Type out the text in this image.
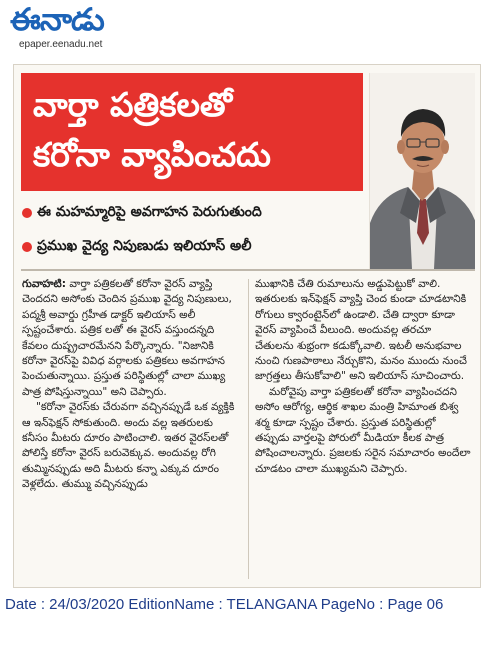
ఈనాడు
epaper.eenadu.net
వార్తా పత్రికలతో
కరోనా వ్యాపించదు
ఈ మహమ్మారిపై అవగాహన పెరుగుతుంది
ప్రముఖ వైద్య నిపుణుడు ఇలియాస్ అలీ

గువాహటి: వార్తా పత్రికలతో కరోనా వైరస్ వ్యాప్తి చెందదని అసోంకు చెందిన ప్రముఖ వైద్య నిపుణులు, పద్మశ్రీ అవార్డు గ్రహీత డాక్టర్ ఇలియాస్ అలీ స్పష్టంచేశారు. పత్రిక లతో ఈ వైరస్ వస్తుందన్నది కేవలం దుష్ప్రచారమేనని పేర్కొన్నారు. "నిజానికి కరోనా వైరస్‌పై వివిధ వర్గాలకు పత్రికలు అవగాహన పెంచుతున్నాయి. ప్రస్తుత పరిస్థితుల్లో చాలా ముఖ్య పాత్ర పోషిస్తున్నాయి" అని చెప్పారు.

"కరోనా వైరస్‌కు చేరువగా వచ్చినప్పుడే ఒక వ్యక్తికి ఆ ఇన్‌ఫెక్షన్ సోకుతుంది. అందు వల్ల ఇతరులకు కనీసం మీటరు దూరం పాటించాలి. ఇతర వైరస్‌లతో పోలిస్తే కరోనా వైరస్ బరువెక్కువ. అందువల్ల రోగి తుమ్మినప్పుడు అది మీటరు కన్నా ఎక్కువ దూరం వెళ్లలేదు. తుమ్ము వచ్చినప్పుడు

ముఖానికి చేతి రుమాలును అడ్డుపెట్టుకో వాలి. ఇతరులకు ఇన్‌ఫెక్షన్ వ్యాప్తి చెంద కుండా చూడటానికి రోగులు క్వారంటైన్‌లో ఉండాలి. చేతి ద్వారా కూడా వైరస్ వ్యాపించే వీలుంది. అందువల్ల తరచూ చేతులను శుభ్రంగా కడుక్కోవాలి. ఇటలీ అనుభవాల నుంచి గుణపాఠాలు నేర్చుకొని, మనం ముందు నుంచే జాగ్రత్తలు తీసుకోవాలి" అని ఇలియాస్ సూచించారు.

మరోవైపు వార్తా పత్రికలతో కరోనా వ్యాపించదని అసోం ఆరోగ్య, ఆర్థిక శాఖల మంత్రి హిమాంత బిశ్వ శర్మ కూడా స్పష్టం చేశారు. ప్రస్తుత పరిస్థితుల్లో తప్పుడు వార్తలపై పోరులో మీడియా కీలక పాత్ర పోషించాలన్నారు. ప్రజలకు సరైన సమాచారం అందేలా చూడటం చాలా ముఖ్యమని చెప్పారు.

Date : 24/03/2020 EditionName : TELANGANA PageNo : Page 06
